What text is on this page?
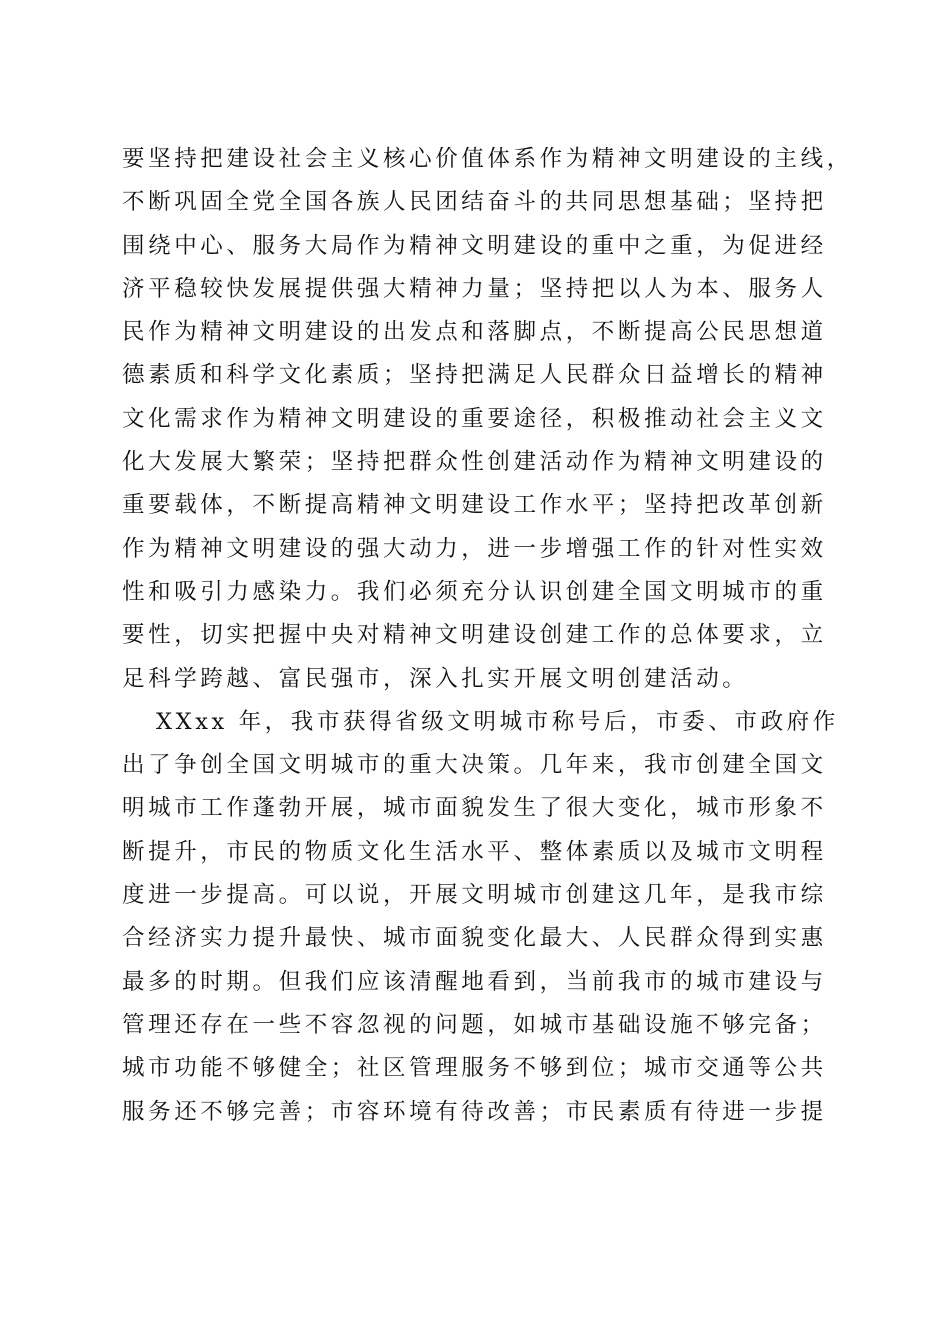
要坚持把建设社会主义核心价值体系作为精神文明建设的主线，
不断巩固全党全国各族人民团结奋斗的共同思想基础；坚持把
围绕中心、服务大局作为精神文明建设的重中之重，为促进经
济平稳较快发展提供强大精神力量；坚持把以人为本、服务人
民作为精神文明建设的出发点和落脚点，不断提高公民思想道
德素质和科学文化素质；坚持把满足人民群众日益增长的精神
文化需求作为精神文明建设的重要途径，积极推动社会主义文
化大发展大繁荣；坚持把群众性创建活动作为精神文明建设的
重要载体，不断提高精神文明建设工作水平；坚持把改革创新
作为精神文明建设的强大动力，进一步增强工作的针对性实效
性和吸引力感染力。我们必须充分认识创建全国文明城市的重
要性，切实把握中央对精神文明建设创建工作的总体要求，立
足科学跨越、富民强市，深入扎实开展文明创建活动。
XXxx 年，我市获得省级文明城市称号后，市委、市政府作
出了争创全国文明城市的重大决策。几年来，我市创建全国文
明城市工作蓬勃开展，城市面貌发生了很大变化，城市形象不
断提升，市民的物质文化生活水平、整体素质以及城市文明程
度进一步提高。可以说，开展文明城市创建这几年，是我市综
合经济实力提升最快、城市面貌变化最大、人民群众得到实惠
最多的时期。但我们应该清醒地看到，当前我市的城市建设与
管理还存在一些不容忽视的问题，如城市基础设施不够完备；
城市功能不够健全；社区管理服务不够到位；城市交通等公共
服务还不够完善；市容环境有待改善；市民素质有待进一步提
